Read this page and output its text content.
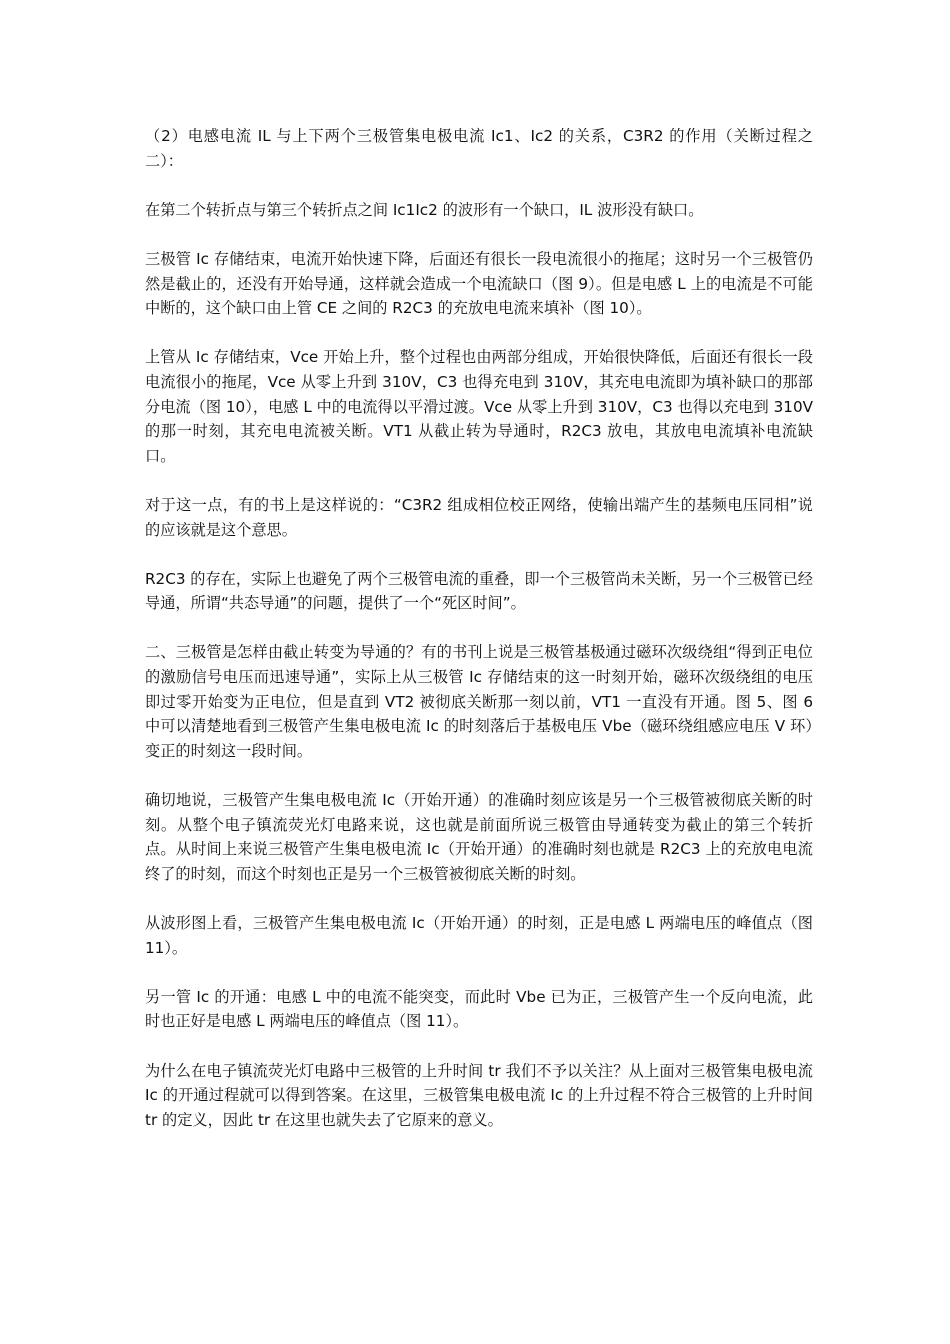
（2）电感电流 IL 与上下两个三极管集电极电流 Ic1、Ic2 的关系，C3R2 的作用（关断过程之二）：

在第二个转折点与第三个转折点之间 Ic1Ic2 的波形有一个缺口，IL 波形没有缺口。

三极管 Ic 存储结束，电流开始快速下降，后面还有很长一段电流很小的拖尾；这时另一个三极管仍然是截止的，还没有开始导通，这样就会造成一个电流缺口（图 9）。但是电感 L 上的电流是不可能中断的，这个缺口由上管 CE 之间的 R2C3 的充放电电流来填补（图 10）。

上管从 Ic 存储结束，Vce 开始上升，整个过程也由两部分组成，开始很快降低，后面还有很长一段电流很小的拖尾，Vce 从零上升到 310V，C3 也得充电到 310V，其充电电流即为填补缺口的那部分电流（图 10），电感 L 中的电流得以平滑过渡。Vce 从零上升到 310V，C3 也得以充电到 310V 的那一时刻，其充电电流被关断。VT1 从截止转为导通时，R2C3 放电，其放电电流填补电流缺口。

对于这一点，有的书上是这样说的：“C3R2 组成相位校正网络，使输出端产生的基频电压同相”说的应该就是这个意思。

R2C3 的存在，实际上也避免了两个三极管电流的重叠，即一个三极管尚未关断，另一个三极管已经导通，所谓“共态导通”的问题，提供了一个“死区时间”。

二、三极管是怎样由截止转变为导通的？有的书刊上说是三极管基极通过磁环次级绕组“得到正电位的激励信号电压而迅速导通”，实际上从三极管 Ic 存储结束的这一时刻开始，磁环次级绕组的电压即过零开始变为正电位，但是直到 VT2 被彻底关断那一刻以前，VT1 一直没有开通。图 5、图 6 中可以清楚地看到三极管产生集电极电流 Ic 的时刻落后于基极电压 Vbe（磁环绕组感应电压 V 环）变正的时刻这一段时间。

确切地说，三极管产生集电极电流 Ic（开始开通）的准确时刻应该是另一个三极管被彻底关断的时刻。从整个电子镇流荧光灯电路来说，这也就是前面所说三极管由导通转变为截止的第三个转折点。从时间上来说三极管产生集电极电流 Ic（开始开通）的准确时刻也就是 R2C3 上的充放电电流终了的时刻，而这个时刻也正是另一个三极管被彻底关断的时刻。

从波形图上看，三极管产生集电极电流 Ic（开始开通）的时刻，正是电感 L 两端电压的峰值点（图 11）。

另一管 Ic 的开通：电感 L 中的电流不能突变，而此时 Vbe 已为正，三极管产生一个反向电流，此时也正好是电感 L 两端电压的峰值点（图 11）。

为什么在电子镇流荧光灯电路中三极管的上升时间 tr 我们不予以关注？从上面对三极管集电极电流 Ic 的开通过程就可以得到答案。在这里，三极管集电极电流 Ic 的上升过程不符合三极管的上升时间 tr 的定义，因此 tr 在这里也就失去了它原来的意义。
